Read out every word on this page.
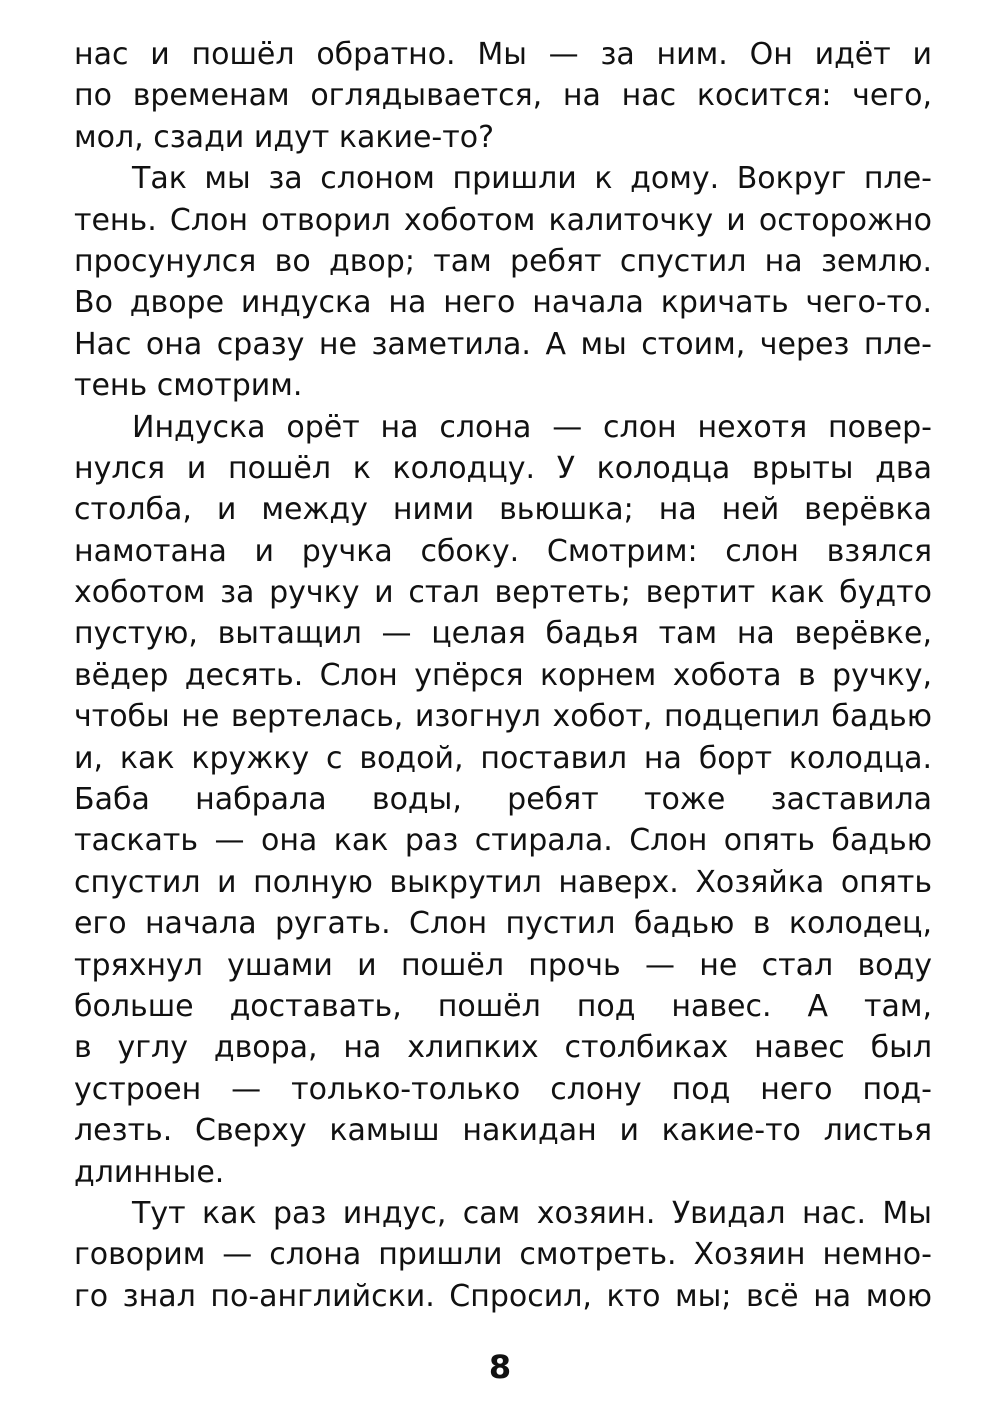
нас и пошёл обратно. Мы — за ним. Он идёт и
по временам оглядывается, на нас косится: чего,
мол, сзади идут какие-то?
Так мы за слоном пришли к дому. Вокруг пле-
тень. Слон отворил хоботом калиточку и осторожно
просунулся во двор; там ребят спустил на землю.
Во дворе индуска на него начала кричать чего-то.
Нас она сразу не заметила. А мы стоим, через пле-
тень смотрим.
Индуска орёт на слона — слон нехотя повер-
нулся и пошёл к колодцу. У колодца врыты два
столба, и между ними вьюшка; на ней верёвка
намотана и ручка сбоку. Смотрим: слон взялся
хоботом за ручку и стал вертеть; вертит как будто
пустую, вытащил — целая бадья там на верёвке,
вёдер десять. Слон упёрся корнем хобота в ручку,
чтобы не вертелась, изогнул хобот, подцепил бадью
и, как кружку с водой, поставил на борт колодца.
Баба набрала воды, ребят тоже заставила
таскать — она как раз стирала. Слон опять бадью
спустил и полную выкрутил наверх. Хозяйка опять
его начала ругать. Слон пустил бадью в колодец,
тряхнул ушами и пошёл прочь — не стал воду
больше доставать, пошёл под навес. А там,
в углу двора, на хлипких столбиках навес был
устроен — только-только слону под него под-
лезть. Сверху камыш накидан и какие-то листья
длинные.
Тут как раз индус, сам хозяин. Увидал нас. Мы
говорим — слона пришли смотреть. Хозяин немно-
го знал по-английски. Спросил, кто мы; всё на мою
8
